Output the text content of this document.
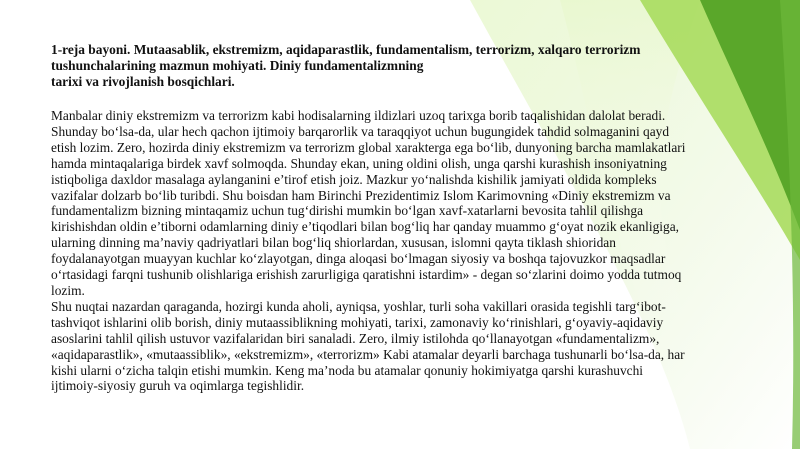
1-reja bayoni. Mutaasablik, ekstremizm, aqidaparastlik, fundamentalism, terrorizm, xalqaro terrorizm
tushunchalarining mazmun mohiyati. Diniy fundamentalizmning
tarixi va rivojlanish bosqichlari.
Manbalar diniy ekstremizm va terrorizm kabi hodisalarning ildizlari uzoq tarixga borib taqalishidan dalolat beradi.
Shunday bo‘lsa-da, ular hech qachon ijtimoiy barqarorlik va taraqqiyot uchun bugungidek tahdid solmaganini qayd
etish lozim. Zero, hozirda diniy ekstremizm va terrorizm global xarakterga ega bo‘lib, dunyoning barcha mamlakatlari
hamda mintaqalariga birdek xavf solmoqda. Shunday ekan, uning oldini olish, unga qarshi kurashish insoniyatning
istiqboliga daxldor masalaga aylanganini e’tirof etish joiz. Mazkur yo‘nalishda kishilik jamiyati oldida kompleks
vazifalar dolzarb bo‘lib turibdi. Shu boisdan ham Birinchi Prezidentimiz Islom Karimovning «Diniy ekstremizm va
fundamentalizm bizning mintaqamiz uchun tug‘dirishi mumkin bo‘lgan xavf-xatarlarni bevosita tahlil qilishga
kirishishdan oldin e’tiborni odamlarning diniy e’tiqodlari bilan bog‘liq har qanday muammo g‘oyat nozik ekanligiga,
ularning dinning ma’naviy qadriyatlari bilan bog‘liq shiorlardan, xususan, islomni qayta tiklash shioridan
foydalanayotgan muayyan kuchlar ko‘zlayotgan, dinga aloqasi bo‘lmagan siyosiy va boshqa tajovuzkor maqsadlar
o‘rtasidagi farqni tushunib olishlariga erishish zarurligiga qaratishni istardim» - degan so‘zlarini doimo yodda tutmoq
lozim.
Shu nuqtai nazardan qaraganda, hozirgi kunda aholi, ayniqsa, yoshlar, turli soha vakillari orasida tegishli targ‘ibot-
tashviqot ishlarini olib borish, diniy mutaassiblikning mohiyati, tarixi, zamonaviy ko‘rinishlari, g‘oyaviy-aqidaviy
asoslarini tahlil qilish ustuvor vazifalaridan biri sanaladi. Zero, ilmiy istilohda qo‘llanayotgan «fundamentalizm»,
«aqidaparastlik», «mutaassiblik», «ekstremizm», «terrorizm» Kabi atamalar deyarli barchaga tushunarli bo‘lsa-da, har
kishi ularni o‘zicha talqin etishi mumkin. Keng ma’noda bu atamalar qonuniy hokimiyatga qarshi kurashuvchi
ijtimoiy-siyosiy guruh va oqimlarga tegishlidir.
